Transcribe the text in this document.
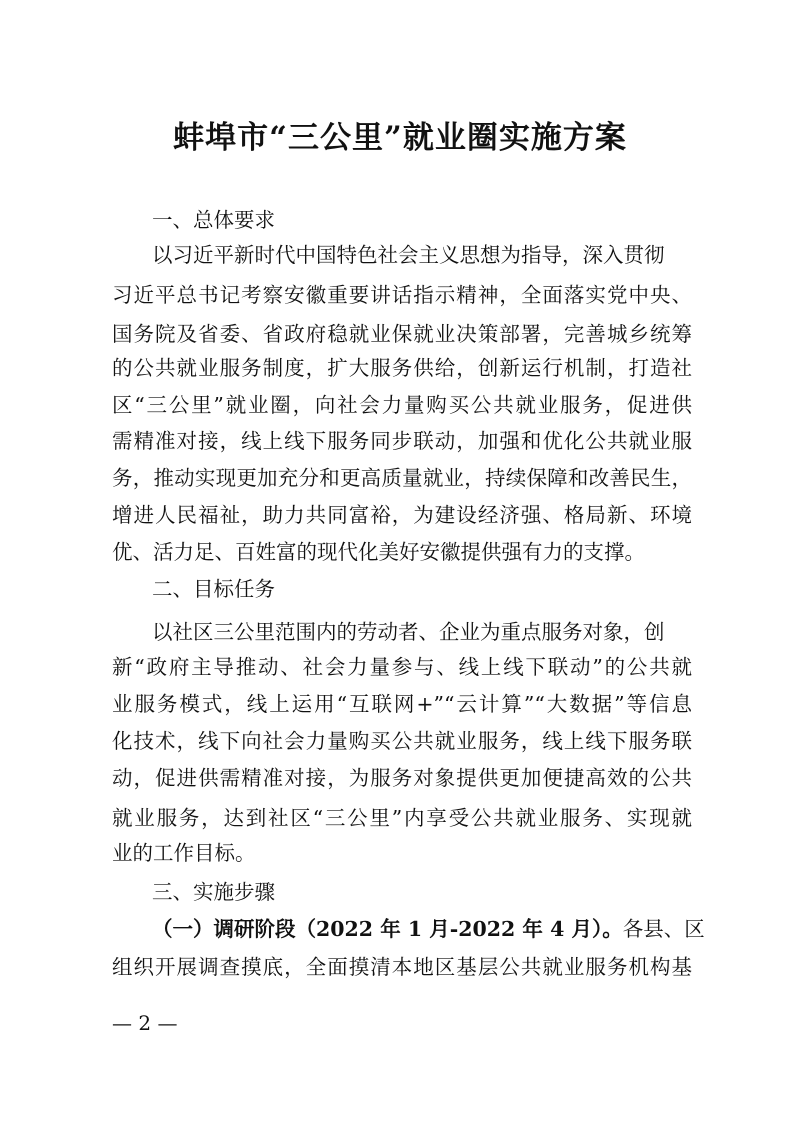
蚌埠市“三公里”就业圈实施方案
一、总体要求
以习近平新时代中国特色社会主义思想为指导，深入贯彻
习近平总书记考察安徽重要讲话指示精神，全面落实党中央、
国务院及省委、省政府稳就业保就业决策部署，完善城乡统筹
的公共就业服务制度，扩大服务供给，创新运行机制，打造社
区“三公里”就业圈，向社会力量购买公共就业服务，促进供
需精准对接，线上线下服务同步联动，加强和优化公共就业服
务，推动实现更加充分和更高质量就业，持续保障和改善民生，
增进人民福祉，助力共同富裕，为建设经济强、格局新、环境
优、活力足、百姓富的现代化美好安徽提供强有力的支撑。
二、目标任务
以社区三公里范围内的劳动者、企业为重点服务对象，创
新“政府主导推动、社会力量参与、线上线下联动”的公共就
业服务模式，线上运用“互联网+”“云计算”“大数据”等信息
化技术，线下向社会力量购买公共就业服务，线上线下服务联
动，促进供需精准对接，为服务对象提供更加便捷高效的公共
就业服务，达到社区“三公里”内享受公共就业服务、实现就
业的工作目标。
三、实施步骤
（一）调研阶段（2022 年 1 月-2022 年 4 月）。各县、区
组织开展调查摸底，全面摸清本地区基层公共就业服务机构基
— 2 —
